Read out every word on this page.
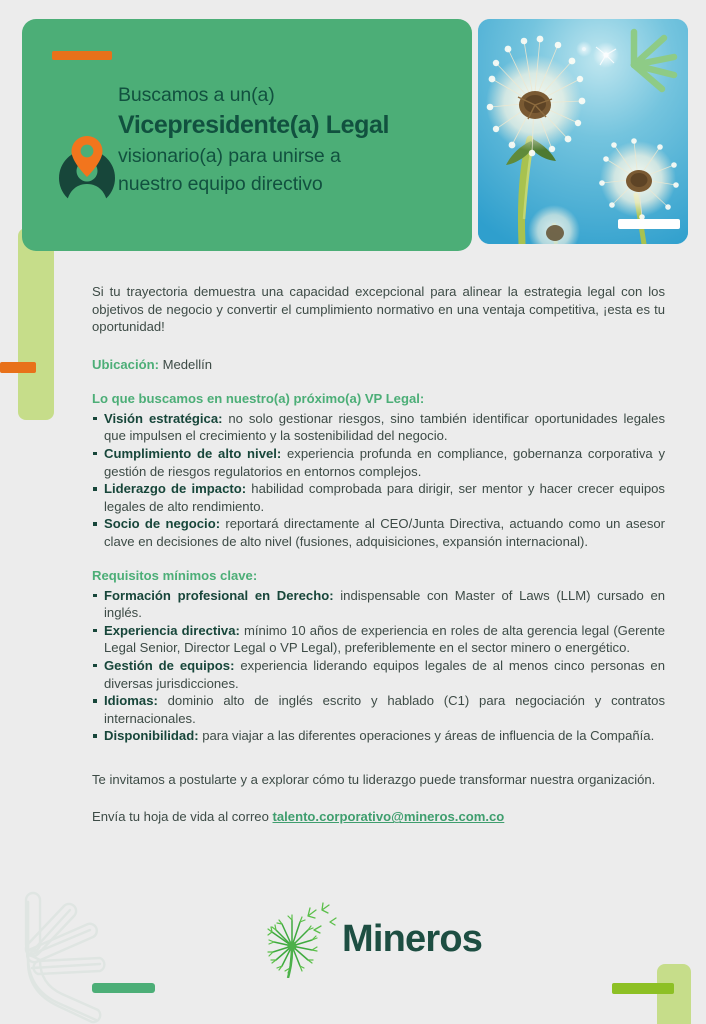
Buscamos a un(a)
Vicepresidente(a) Legal
visionario(a) para unirse a
nuestro equipo directivo
Si tu trayectoria demuestra una capacidad excepcional para alinear la estrategia legal con los objetivos de negocio y convertir el cumplimiento normativo en una ventaja competitiva, ¡esta es tu oportunidad!
Ubicación: Medellín
Lo que buscamos en nuestro(a) próximo(a) VP Legal:
Visión estratégica: no solo gestionar riesgos, sino también identificar oportunidades legales que impulsen el crecimiento y la sostenibilidad del negocio.
Cumplimiento de alto nivel: experiencia profunda en compliance, gobernanza corporativa y gestión de riesgos regulatorios en entornos complejos.
Liderazgo de impacto: habilidad comprobada para dirigir, ser mentor y hacer crecer equipos legales de alto rendimiento.
Socio de negocio: reportará directamente al CEO/Junta Directiva, actuando como un asesor clave en decisiones de alto nivel (fusiones, adquisiciones, expansión internacional).
Requisitos mínimos clave:
Formación profesional en Derecho: indispensable con Master of Laws (LLM) cursado en inglés.
Experiencia directiva: mínimo 10 años de experiencia en roles de alta gerencia legal (Gerente Legal Senior, Director Legal o VP Legal), preferiblemente en el sector minero o energético.
Gestión de equipos: experiencia liderando equipos legales de al menos cinco personas en diversas jurisdicciones.
Idiomas: dominio alto de inglés escrito y hablado (C1) para negociación y contratos internacionales.
Disponibilidad: para viajar a las diferentes operaciones y áreas de influencia de la Compañía.
Te invitamos a postularte y a explorar cómo tu liderazgo puede transformar nuestra organización.
Envía tu hoja de vida al correo talento.corporativo@mineros.com.co
Mineros
